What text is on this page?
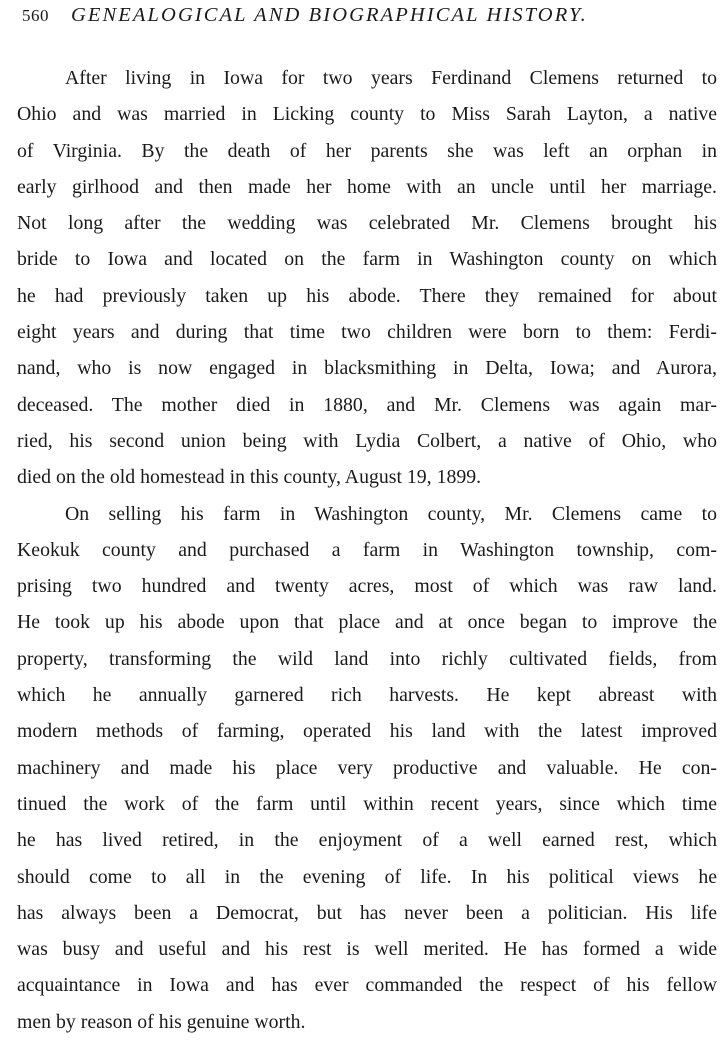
560 GENEALOGICAL AND BIOGRAPHICAL HISTORY.
After living in Iowa for two years Ferdinand Clemens returned to
Ohio and was married in Licking county to Miss Sarah Layton, a native
of Virginia. By the death of her parents she was left an orphan in
early girlhood and then made her home with an uncle until her marriage.
Not long after the wedding was celebrated Mr. Clemens brought his
bride to Iowa and located on the farm in Washington county on which
he had previously taken up his abode. There they remained for about
eight years and during that time two children were born to them: Ferdi-
nand, who is now engaged in blacksmithing in Delta, Iowa; and Aurora,
deceased. The mother died in 1880, and Mr. Clemens was again mar-
ried, his second union being with Lydia Colbert, a native of Ohio, who
died on the old homestead in this county, August 19, 1899.
On selling his farm in Washington county, Mr. Clemens came to
Keokuk county and purchased a farm in Washington township, com-
prising two hundred and twenty acres, most of which was raw land.
He took up his abode upon that place and at once began to improve the
property, transforming the wild land into richly cultivated fields, from
which he annually garnered rich harvests. He kept abreast with
modern methods of farming, operated his land with the latest improved
machinery and made his place very productive and valuable. He con-
tinued the work of the farm until within recent years, since which time
he has lived retired, in the enjoyment of a well earned rest, which
should come to all in the evening of life. In his political views he
has always been a Democrat, but has never been a politician. His life
was busy and useful and his rest is well merited. He has formed a wide
acquaintance in Iowa and has ever commanded the respect of his fellow
men by reason of his genuine worth.
